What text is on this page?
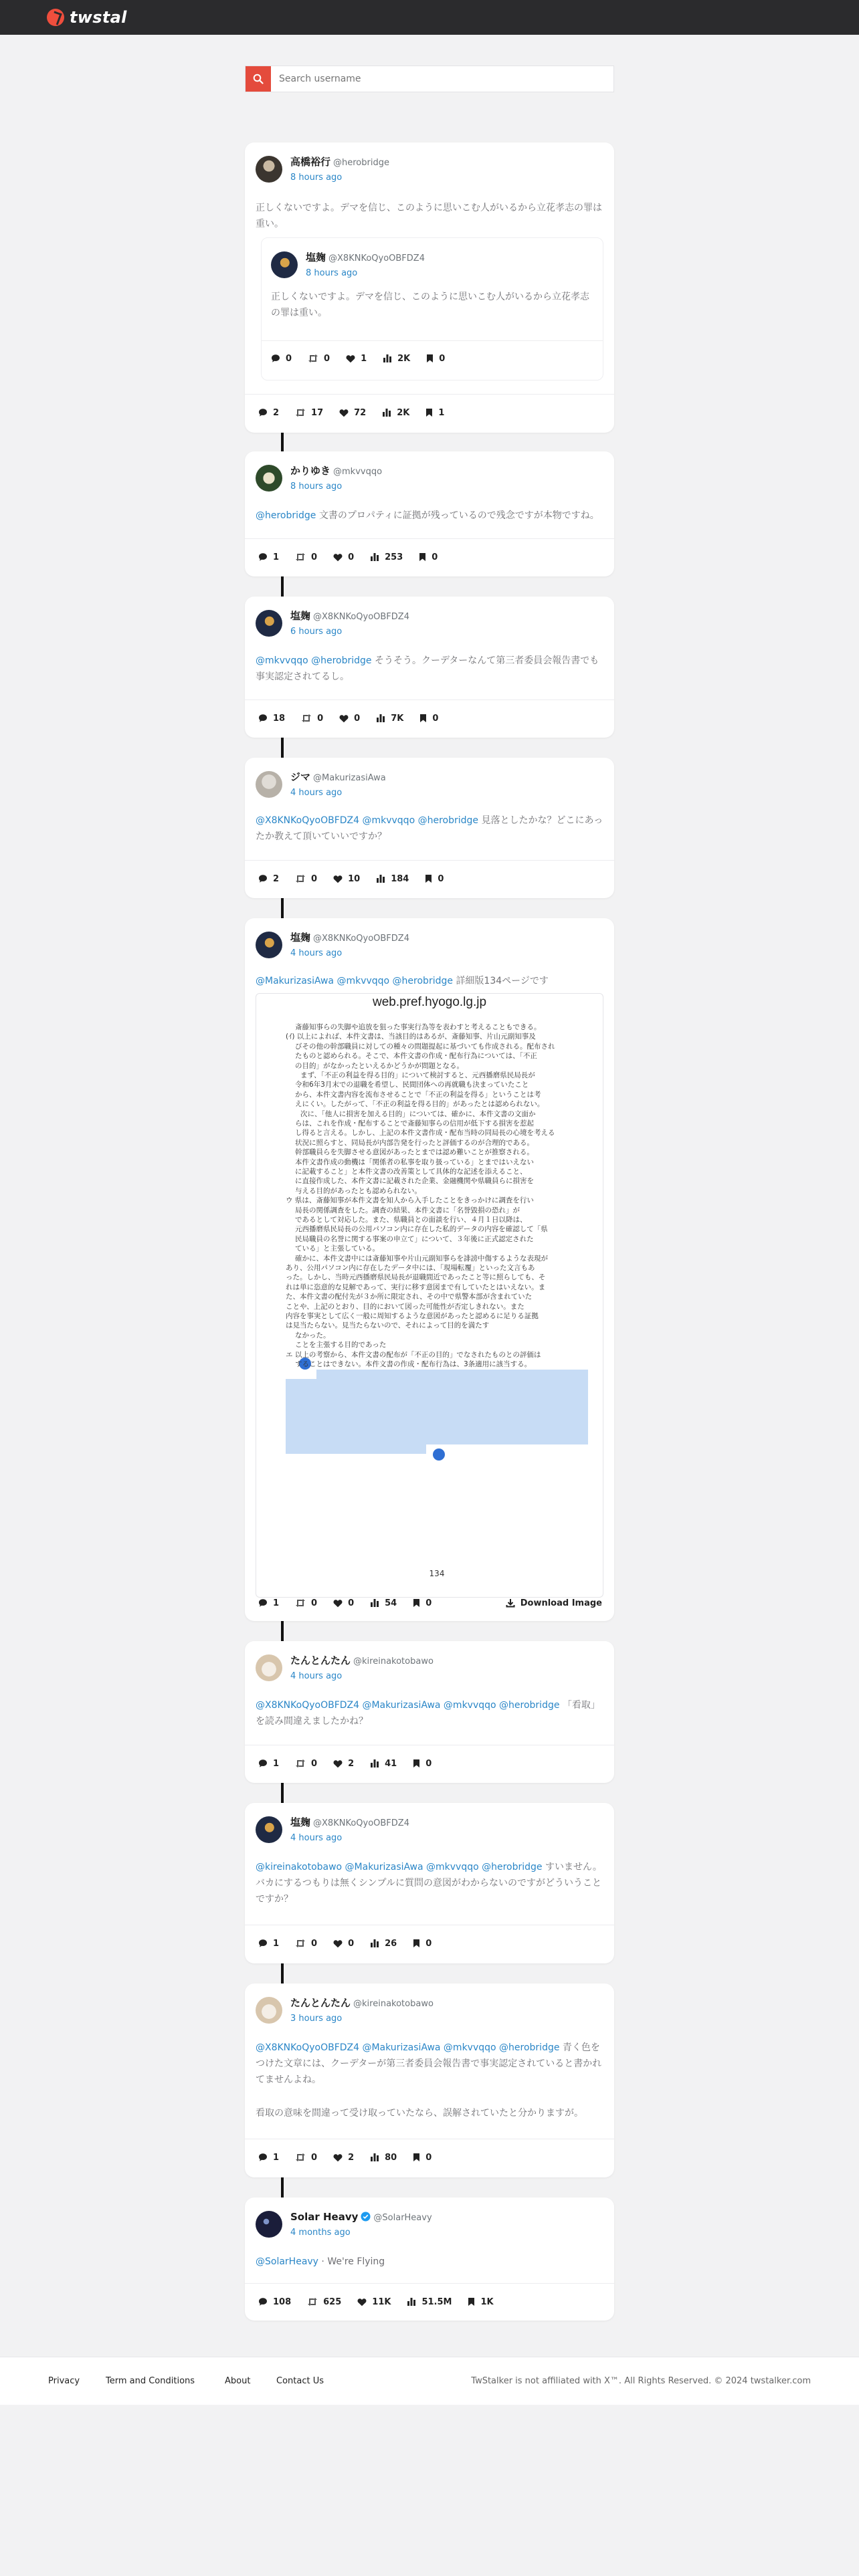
twstal
Search username
高橋裕行 @herobridge
8 hours ago
正しくないですよ。デマを信じ、このように思いこむ人がいるから立花孝志の罪は重い。
塩麹 @X8KNKoQyoOBFDZ4
8 hours ago
正しくないですよ。デマを信じ、このように思いこむ人がいるから立花孝志の罪は重い。
0	0	1	2K	0
2	17	72	2K	1
かりゆき @mkvvqqo
8 hours ago
@herobridge 文書のプロパティに証拠が残っているので残念ですが本物ですね。
1	0	0	253	0
塩麹 @X8KNKoQyoOBFDZ4
6 hours ago
@mkvvqqo @herobridge そうそう。クーデターなんて第三者委員会報告書でも事実認定されてるし。
18	0	0	7K	0
ジマ @MakurizasiAwa
4 hours ago
@X8KNKoQyoOBFDZ4 @mkvvqqo @herobridge 見落としたかな？どこにあったか教えて頂いていいですか？
2	0	10	184	0
塩麹 @X8KNKoQyoOBFDZ4
4 hours ago
@MakurizasiAwa @mkvvqqo @herobridge 詳細版134ページです
web.pref.hyogo.lg.jp
134
斎藤知事らの失脚や追放を狙った事実行為等を表わすと考えることもできる。
(ｲ) 以上によれば、本件文書は、当該目的はあるが、斎藤知事、片山元副知事及
びその他の幹部職員に対しての種々の問題提起に基づいても作成される。配布され
たものと認められる。そこで、本件文書の作成・配布行為については、「不正
の目的」がなかったといえるかどうかが問題となる。
まず、「不正の利益を得る目的」について検討すると、元西播磨県民局長が
令和6年3月末での退職を希望し、民間団体への再就職も決まっていたこと
から、本件文書内容を流布させることで「不正の利益を得る」ということは考
えにくい。したがって、「不正の利益を得る目的」があったとは認められない。
次に、「他人に損害を加える目的」については、確かに、本件文書の文面か
らは、これを作成・配布することで斎藤知事らの信用が低下する損害を惹起
し得ると言える。しかし、上記の本件文書作成・配布当時の同局長の心境を考える
状況に照らすと、同局長が内部告発を行ったと評価するのが合理的である。
幹部職員らを失脚させる意図があったとまでは認め難いことが推察される。
本件文書作成の動機は「関係者の私事を取り扱っている」とまではいえない
に記載すること」と本件文書の改善策として具体的な記述を添えること、
に直接作成した、本件文書に記載された企業、金融機関や県職員らに損害を
与える目的があったとも認められない。
ウ 県は、斎藤知事が本件文書を知人から入手したことをきっかけに調査を行い
局長の関係調査をした。調査の結果、本件文書に「名誉毀損の恐れ」が
であるとして対応した。また、県職員との面談を行い、４月１日以降は、
元西播磨県民局長の公用パソコン内に存在した私的データの内容を確認して「県
民局職員の名誉に関する事案の申立て」について、３年後に正式認定された
ている」と主張している。
確かに、本件文書中には斎藤知事や片山元副知事らを誹謗中傷するような表現が
あり、公用パソコン内に存在したデータ中には、「現場転覆」といった文言もあ
った。しかし、当時元西播磨県民局長が退職間近であったこと等に照らしても、そ
れは単に恣意的な見解であって、実行に移す意図まで有していたとはいえない。ま
た、本件文書の配付先が３か所に限定され、その中で県警本部が含まれていた
ことや、上記のとおり、目的において図った可能性が否定しきれない。また
内容を事実として広く一般に周知するような意図があったと認めるに足りる証拠
は見当たらない。見当たらないので、それによって目的を満たす
なかった。
ことを主張する目的であった
エ 以上の考察から、本件文書の配布が「不正の目的」でなされたものとの評価は
することはできない。本件文書の作成・配布行為は、3条適用に該当する。
1	0	0	54	0	Download Image
たんとんたん @kireinakotobawo
4 hours ago
@X8KNKoQyoOBFDZ4 @MakurizasiAwa @mkvvqqo @herobridge 「看取」を読み間違えましたかね？
1	0	2	41	0
塩麹 @X8KNKoQyoOBFDZ4
4 hours ago
@kireinakotobawo @MakurizasiAwa @mkvvqqo @herobridge すいません。バカにするつもりは無くシンプルに質問の意図がわからないのですがどういうことですか？
1	0	0	26	0
たんとんたん @kireinakotobawo
3 hours ago
@X8KNKoQyoOBFDZ4 @MakurizasiAwa @mkvvqqo @herobridge 青く色をつけた文章には、クーデターが第三者委員会報告書で事実認定されていると書かれてませんよね。
看取の意味を間違って受け取っていたなら、誤解されていたと分かりますが。
1	0	2	80	0
Solar Heavy @SolarHeavy
4 months ago
@SolarHeavy · We're Flying
108	625	11K	51.5M	1K
Privacy	Term and Conditions	About	Contact Us	TwStalker is not affiliated with X™. All Rights Reserved. © 2024 twstalker.com
